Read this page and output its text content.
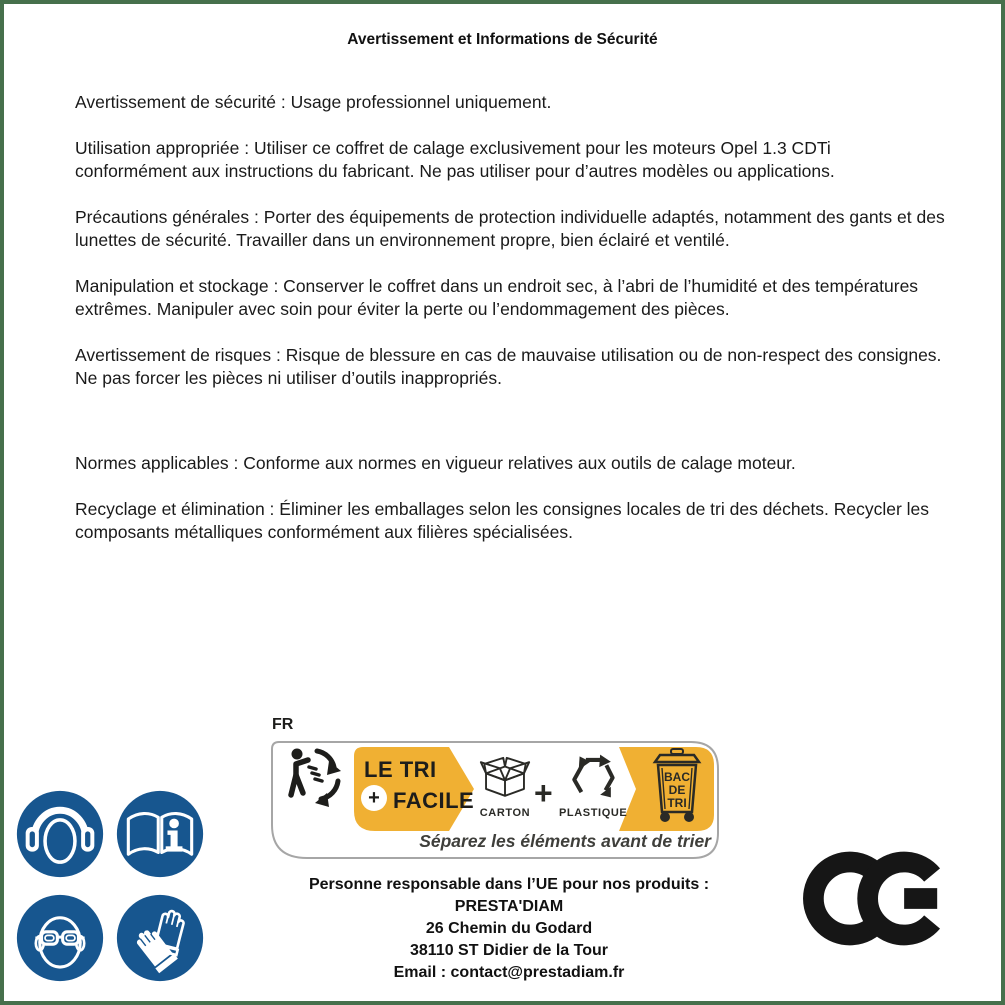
Avertissement et Informations de Sécurité

Avertissement de sécurité : Usage professionnel uniquement.

Utilisation appropriée : Utiliser ce coffret de calage exclusivement pour les moteurs Opel 1.3 CDTi conformément aux instructions du fabricant. Ne pas utiliser pour d’autres modèles ou applications.

Précautions générales : Porter des équipements de protection individuelle adaptés, notamment des gants et des lunettes de sécurité. Travailler dans un environnement propre, bien éclairé et ventilé.

Manipulation et stockage : Conserver le coffret dans un endroit sec, à l’abri de l’humidité et des températures extrêmes. Manipuler avec soin pour éviter la perte ou l’endommagement des pièces.

Avertissement de risques : Risque de blessure en cas de mauvaise utilisation ou de non-respect des consignes. Ne pas forcer les pièces ni utiliser d’outils inappropriés.

Normes applicables : Conforme aux normes en vigueur relatives aux outils de calage moteur.

Recyclage et élimination : Éliminer les emballages selon les consignes locales de tri des déchets. Recycler les composants métalliques conformément aux filières spécialisées.

FR
LE TRI
+ FACILE CARTON
+
PLASTIQUE
BAC
DE
TRI
Séparez les éléments avant de trier
Personne responsable dans l’UE pour nos produits :
PRESTA'DIAM
26 Chemin du Godard
38110 ST Didier de la Tour
Email : contact@prestadiam.fr
